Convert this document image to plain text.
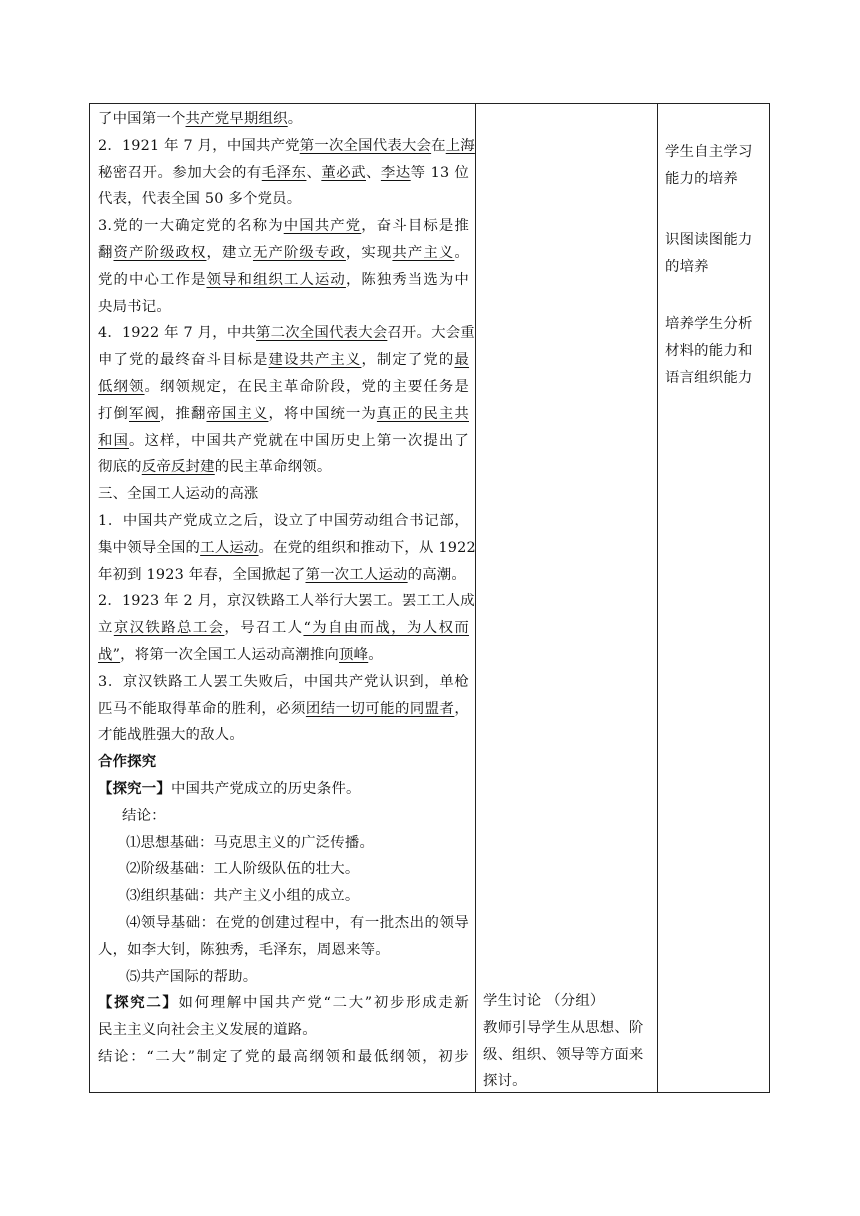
了中国第一个共产党早期组织。
2．1921 年 7 月，中国共产党第一次全国代表大会在上海
秘密召开。参加大会的有毛泽东、董必武、李达等 13 位
代表，代表全国 50 多个党员。
3.党的一大确定党的名称为中国共产党，奋斗目标是推
翻资产阶级政权，建立无产阶级专政，实现共产主义。
党的中心工作是领导和组织工人运动，陈独秀当选为中
央局书记。
4．1922 年 7 月，中共第二次全国代表大会召开。大会重
申了党的最终奋斗目标是建设共产主义，制定了党的最
低纲领。纲领规定，在民主革命阶段，党的主要任务是
打倒军阀，推翻帝国主义，将中国统一为真正的民主共
和国。这样，中国共产党就在中国历史上第一次提出了
彻底的反帝反封建的民主革命纲领。
三、全国工人运动的高涨
1．中国共产党成立之后，设立了中国劳动组合书记部，
集中领导全国的工人运动。在党的组织和推动下，从 1922
年初到 1923 年春，全国掀起了第一次工人运动的高潮。
2．1923 年 2 月，京汉铁路工人举行大罢工。罢工工人成
立京汉铁路总工会，号召工人“为自由而战，为人权而
战”，将第一次全国工人运动高潮推向顶峰。
3．京汉铁路工人罢工失败后，中国共产党认识到，单枪
匹马不能取得革命的胜利，必须团结一切可能的同盟者，
才能战胜强大的敌人。
合作探究
【探究一】中国共产党成立的历史条件。
结论：
⑴思想基础：马克思主义的广泛传播。
⑵阶级基础：工人阶级队伍的壮大。
⑶组织基础：共产主义小组的成立。
⑷领导基础：在党的创建过程中，有一批杰出的领导
人，如李大钊，陈独秀，毛泽东，周恩来等。
⑸共产国际的帮助。
【探究二】如何理解中国共产党“二大”初步形成走新
民主主义向社会主义发展的道路。
结论：“二大”制定了党的最高纲领和最低纲领，初步
学生讨论 （分组）
教师引导学生从思想、阶
级、组织、领导等方面来
探讨。
学生自主学习
能力的培养
识图读图能力
的培养
培养学生分析
材料的能力和
语言组织能力
